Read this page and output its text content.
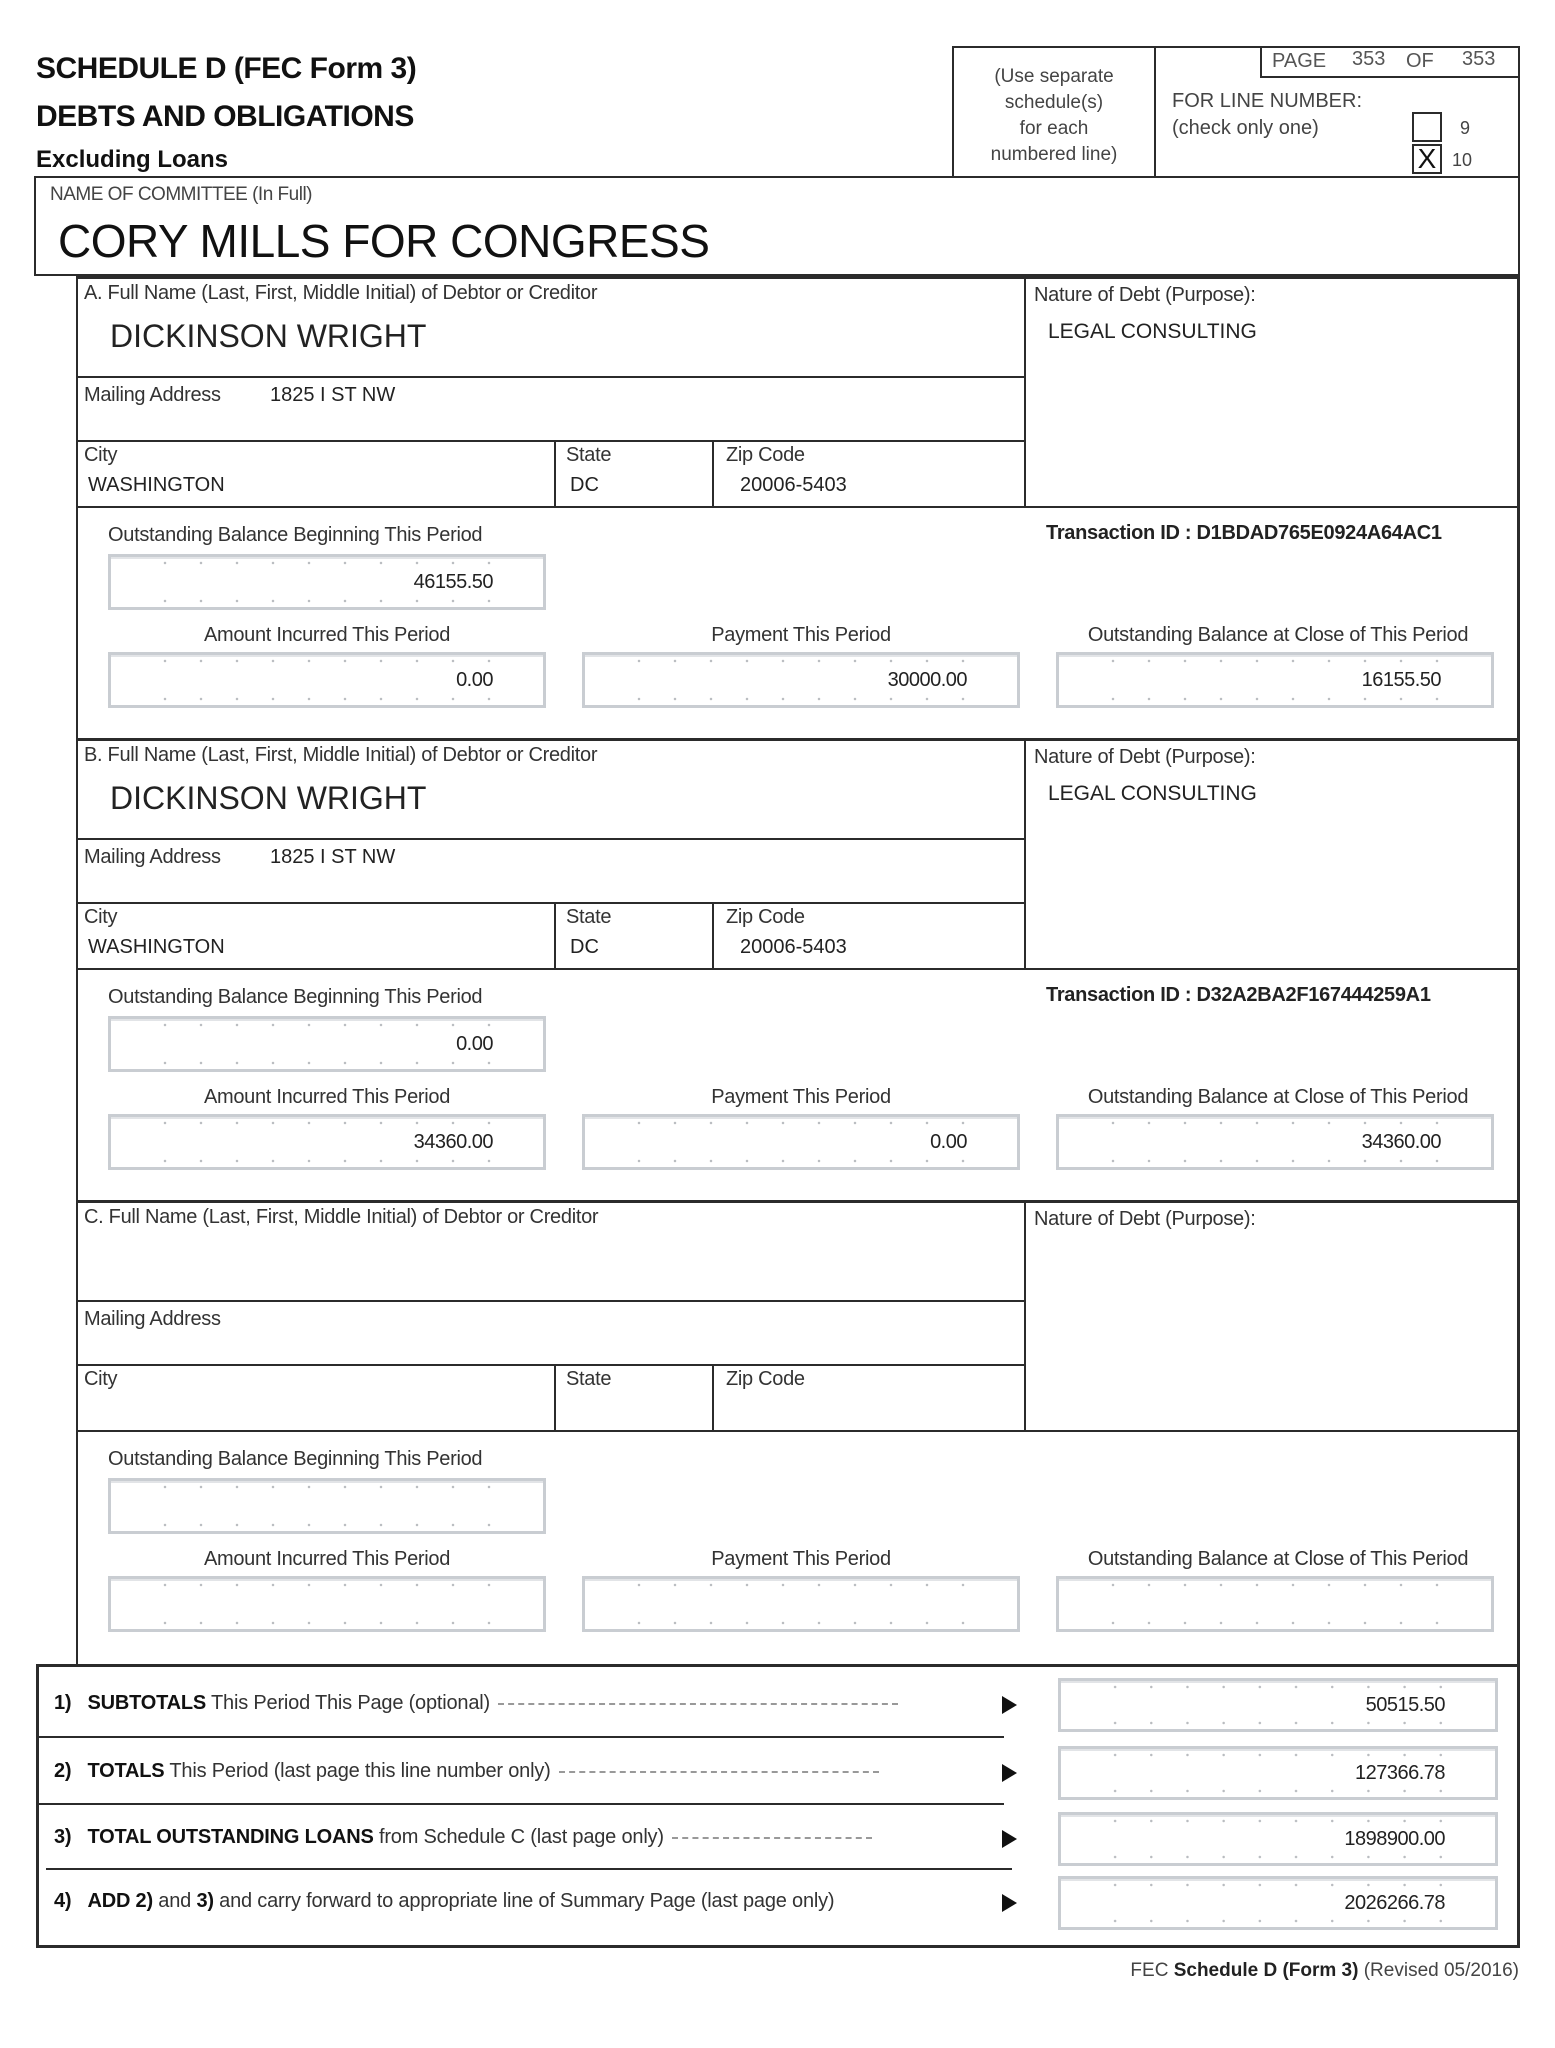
SCHEDULE D (FEC Form 3)
DEBTS AND OBLIGATIONS
Excluding Loans
(Use separate
schedule(s)
for each
numbered line)
PAGE 353 OF 353
FOR LINE NUMBER:
(check only one)	9
X 10
NAME OF COMMITTEE (In Full)
CORY MILLS FOR CONGRESS
A. Full Name (Last, First, Middle Initial) of Debtor or Creditor
DICKINSON WRIGHT
Nature of Debt (Purpose):
LEGAL CONSULTING
Mailing Address 1825 I ST NW
City
WASHINGTON
State
DC
Zip Code
20006-5403
Outstanding Balance Beginning This Period	Transaction ID : D1BDAD765E0924A64AC1
46155.50
Amount Incurred This Period	Payment This Period	Outstanding Balance at Close of This Period
0.00	30000.00	16155.50
B. Full Name (Last, First, Middle Initial) of Debtor or Creditor
DICKINSON WRIGHT
Nature of Debt (Purpose):
LEGAL CONSULTING
Mailing Address 1825 I ST NW
City
WASHINGTON
State
DC
Zip Code
20006-5403
Outstanding Balance Beginning This Period	Transaction ID : D32A2BA2F167444259A1
0.00
Amount Incurred This Period	Payment This Period	Outstanding Balance at Close of This Period
34360.00	0.00	34360.00
C. Full Name (Last, First, Middle Initial) of Debtor or Creditor	Nature of Debt (Purpose):
Mailing Address
City	State	Zip Code
Outstanding Balance Beginning This Period
Amount Incurred This Period	Payment This Period	Outstanding Balance at Close of This Period
1) SUBTOTALS This Period This Page (optional)	50515.50
2) TOTALS This Period (last page this line number only)	127366.78
3) TOTAL OUTSTANDING LOANS from Schedule C (last page only)	1898900.00
4) ADD 2) and 3) and carry forward to appropriate line of Summary Page (last page only)	2026266.78
FEC Schedule D (Form 3) (Revised 05/2016)
